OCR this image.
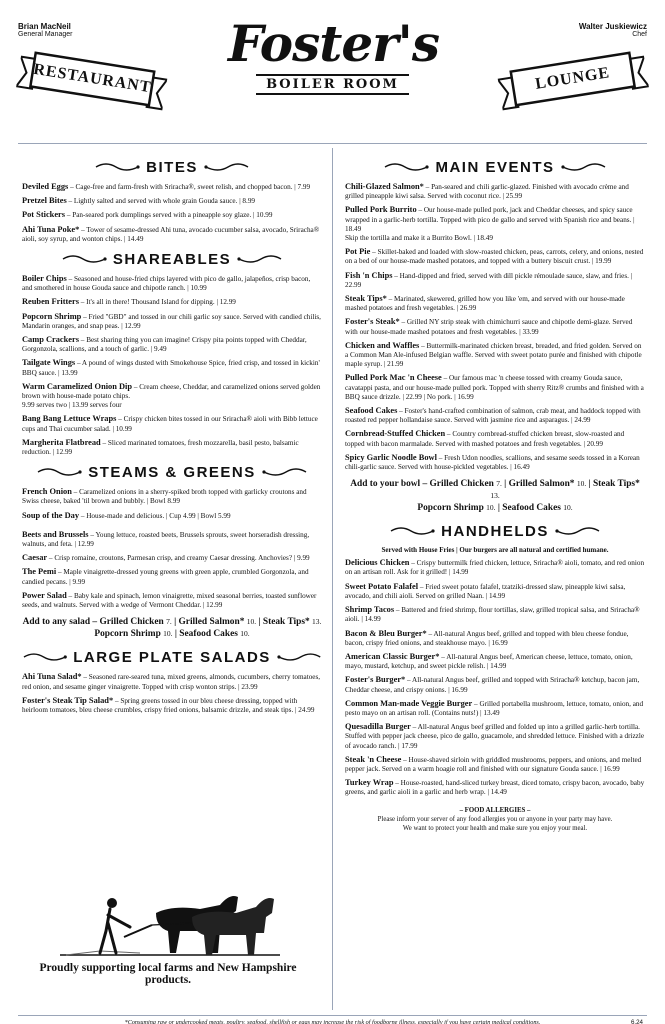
Brian MacNeil
General Manager
Walter Juskiewicz
Chef
RESTAURANT
Foster's
BOILER ROOM	LOUNGE
BITES
Deviled Eggs – Cage-free and farm-fresh with Sriracha®, sweet relish, and chopped bacon. | 7.99
Pretzel Bites – Lightly salted and served with whole grain Gouda sauce. | 8.99
Pot Stickers – Pan-seared pork dumplings served with a pineapple soy glaze. | 10.99
Ahi Tuna Poke* – Tower of sesame-dressed Ahi tuna, avocado cucumber salsa, avocado, Sriracha® aioli, soy syrup, and wonton chips. | 14.49
SHAREABLES
Boiler Chips – Seasoned and house-fried chips layered with pico de gallo, jalapeños, crisp bacon, and smothered in house Gouda sauce and chipotle ranch. | 10.99
Reuben Fritters – It's all in there! Thousand Island for dipping. | 12.99
Popcorn Shrimp – Fried "GBD" and tossed in our chili garlic soy sauce. Served with candied chilis, Mandarin oranges, and snap peas. | 12.99
Camp Crackers – Best sharing thing you can imagine! Crispy pita points topped with Cheddar, Gorgonzola, scallions, and a touch of garlic. | 9.49
Tailgate Wings – A pound of wings dusted with Smokehouse Spice, fried crisp, and tossed in kickin' BBQ sauce. | 13.99
Warm Caramelized Onion Dip – Cream cheese, Cheddar, and caramelized onions served golden brown with house-made potato chips.
9.99 serves two | 13.99 serves four
Bang Bang Lettuce Wraps – Crispy chicken bites tossed in our Sriracha® aioli with Bibb lettuce cups and Thai cucumber salad. | 10.99
Margherita Flatbread – Sliced marinated tomatoes, fresh mozzarella, basil pesto, balsamic reduction. | 12.99
STEAMS & GREENS
French Onion – Caramelized onions in a sherry-spiked broth topped with garlicky croutons and Swiss cheese, baked 'til brown and bubbly. | Bowl 8.99
Soup of the Day – House-made and delicious. | Cup 4.99 | Bowl 5.99
Beets and Brussels – Young lettuce, roasted beets, Brussels sprouts, sweet horseradish dressing, walnuts, and feta. | 12.99
Caesar – Crisp romaine, croutons, Parmesan crisp, and creamy Caesar dressing. Anchovies? | 9.99
The Pemi – Maple vinaigrette-dressed young greens with green apple, crumbled Gorgonzola, and candied pecans. | 9.99
Power Salad – Baby kale and spinach, lemon vinaigrette, mixed seasonal berries, toasted sunflower seeds, and walnuts. Served with a wedge of Vermont Cheddar. | 12.99
Add to any salad – Grilled Chicken 7. | Grilled Salmon* 10. | Steak Tips* 13.
Popcorn Shrimp 10. | Seafood Cakes 10.
LARGE PLATE SALADS
Ahi Tuna Salad* – Seasoned rare-seared tuna, mixed greens, almonds, cucumbers, cherry tomatoes, red onion, and sesame ginger vinaigrette. Topped with crisp wonton strips. | 23.99
Foster's Steak Tip Salad* – Spring greens tossed in our bleu cheese dressing, topped with heirloom tomatoes, bleu cheese crumbles, crispy fried onions, balsamic drizzle, and steak tips. | 24.99
Proudly supporting local farms and New Hampshire products.
MAIN EVENTS
Chili-Glazed Salmon* – Pan-seared and chili garlic-glazed. Finished with avocado crème and grilled pineapple kiwi salsa. Served with coconut rice. | 25.99
Pulled Pork Burrito – Our house-made pulled pork, jack and Cheddar cheeses, and spicy sauce wrapped in a garlic-herb tortilla. Topped with pico de gallo and served with Spanish rice and beans. | 18.49
Skip the tortilla and make it a Burrito Bowl. | 18.49
Pot Pie – Skillet-baked and loaded with slow-roasted chicken, peas, carrots, celery, and onions, nested on a bed of our house-made mashed potatoes, and topped with a buttery biscuit crust. | 19.99
Fish 'n Chips – Hand-dipped and fried, served with dill pickle rémoulade sauce, slaw, and fries. | 22.99
Steak Tips* – Marinated, skewered, grilled how you like 'em, and served with our house-made mashed potatoes and fresh vegetables. | 26.99
Foster's Steak* – Grilled NY strip steak with chimichurri sauce and chipotle demi-glaze. Served with our house-made mashed potatoes and fresh vegetables. | 33.99
Chicken and Waffles – Buttermilk-marinated chicken breast, breaded, and fried golden. Served on a Common Man Ale-infused Belgian waffle. Served with sweet potato purée and finished with chipotle maple syrup. | 21.99
Pulled Pork Mac 'n Cheese – Our famous mac 'n cheese tossed with creamy Gouda sauce, cavatappi pasta, and our house-made pulled pork. Topped with sherry Ritz® crumbs and finished with a BBQ sauce drizzle. | 22.99 | No pork. | 16.99
Seafood Cakes – Foster's hand-crafted combination of salmon, crab meat, and haddock topped with roasted red pepper hollandaise sauce. Served with jasmine rice and asparagus. | 24.99
Cornbread-Stuffed Chicken – Country cornbread-stuffed chicken breast, slow-roasted and topped with bacon marmalade. Served with mashed potatoes and fresh vegetables. | 20.99
Spicy Garlic Noodle Bowl – Fresh Udon noodles, scallions, and sesame seeds tossed in a Korean chili-garlic sauce. Served with house-pickled vegetables. | 16.49
Add to your bowl – Grilled Chicken 7. | Grilled Salmon* 10. | Steak Tips* 13.
Popcorn Shrimp 10. | Seafood Cakes 10.
HANDHELDS
Served with House Fries | Our burgers are all natural and certified humane.
Delicious Chicken – Crispy buttermilk fried chicken, lettuce, Sriracha® aioli, tomato, and red onion on an artisan roll. Ask for it grilled! | 14.99
Sweet Potato Falafel – Fried sweet potato falafel, tzatziki-dressed slaw, pineapple kiwi salsa, avocado, and chili aioli. Served on grilled Naan. | 14.99
Shrimp Tacos – Battered and fried shrimp, flour tortillas, slaw, grilled tropical salsa, and Sriracha® aioli. | 14.99
Bacon & Bleu Burger* – All-natural Angus beef, grilled and topped with bleu cheese fondue, bacon, crispy fried onions, and steakhouse mayo. | 16.99
American Classic Burger* – All-natural Angus beef, American cheese, lettuce, tomato, onion, mayo, mustard, ketchup, and sweet pickle relish. | 14.99
Foster's Burger* – All-natural Angus beef, grilled and topped with Sriracha® ketchup, bacon jam, Cheddar cheese, and crispy onions. | 16.99
Common Man-made Veggie Burger – Grilled portabella mushroom, lettuce, tomato, onion, and pesto mayo on an artisan roll. (Contains nuts!) | 13.49
Quesadilla Burger – All-natural Angus beef grilled and folded up into a grilled garlic-herb tortilla. Stuffed with pepper jack cheese, pico de gallo, guacamole, and shredded lettuce. Finished with a drizzle of avocado ranch. | 17.99
Steak 'n Cheese – House-shaved sirloin with griddled mushrooms, peppers, and onions, and melted pepper jack. Served on a warm hoagie roll and finished with our signature Gouda sauce. | 16.99
Turkey Wrap – House-roasted, hand-sliced turkey breast, diced tomato, crispy bacon, avocado, baby greens, and garlic aioli in a garlic and herb wrap. | 14.49
– FOOD ALLERGIES –
Please inform your server of any food allergies you or anyone in your party may have.
We want to protect your health and make sure you enjoy your meal.
*Consuming raw or undercooked meats, poultry, seafood, shellfish or eggs may increase the risk of foodborne illness, especially if you have certain medical conditions.	6.24
